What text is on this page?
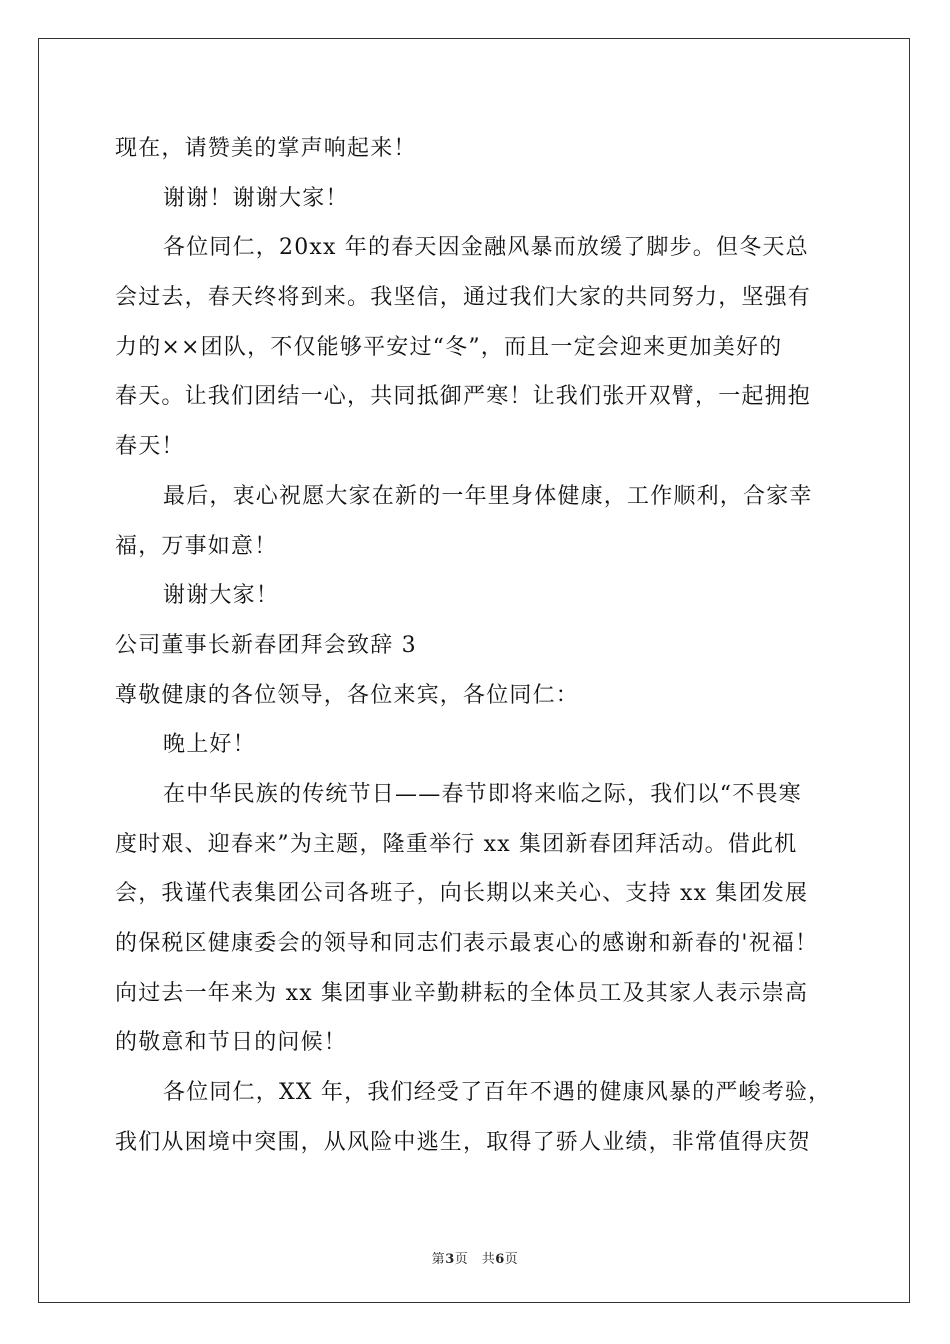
现在，请赞美的掌声响起来！
谢谢！谢谢大家！
各位同仁，20xx 年的春天因金融风暴而放缓了脚步。但冬天总
会过去，春天终将到来。我坚信，通过我们大家的共同努力，坚强有
力的××团队，不仅能够平安过“冬”，而且一定会迎来更加美好的
春天。让我们团结一心，共同抵御严寒！让我们张开双臂，一起拥抱
春天！
最后，衷心祝愿大家在新的一年里身体健康，工作顺利，合家幸
福，万事如意！
谢谢大家！
公司董事长新春团拜会致辞 3
尊敬健康的各位领导，各位来宾，各位同仁：
晚上好！
在中华民族的传统节日——春节即将来临之际，我们以“不畏寒
度时艰、迎春来”为主题，隆重举行 xx 集团新春团拜活动。借此机
会，我谨代表集团公司各班子，向长期以来关心、支持 xx 集团发展
的保税区健康委会的领导和同志们表示最衷心的感谢和新春的'祝福！
向过去一年来为 xx 集团事业辛勤耕耘的全体员工及其家人表示崇高
的敬意和节日的问候！
各位同仁，XX 年，我们经受了百年不遇的健康风暴的严峻考验，
我们从困境中突围，从风险中逃生，取得了骄人业绩，非常值得庆贺
第3页　共6页
